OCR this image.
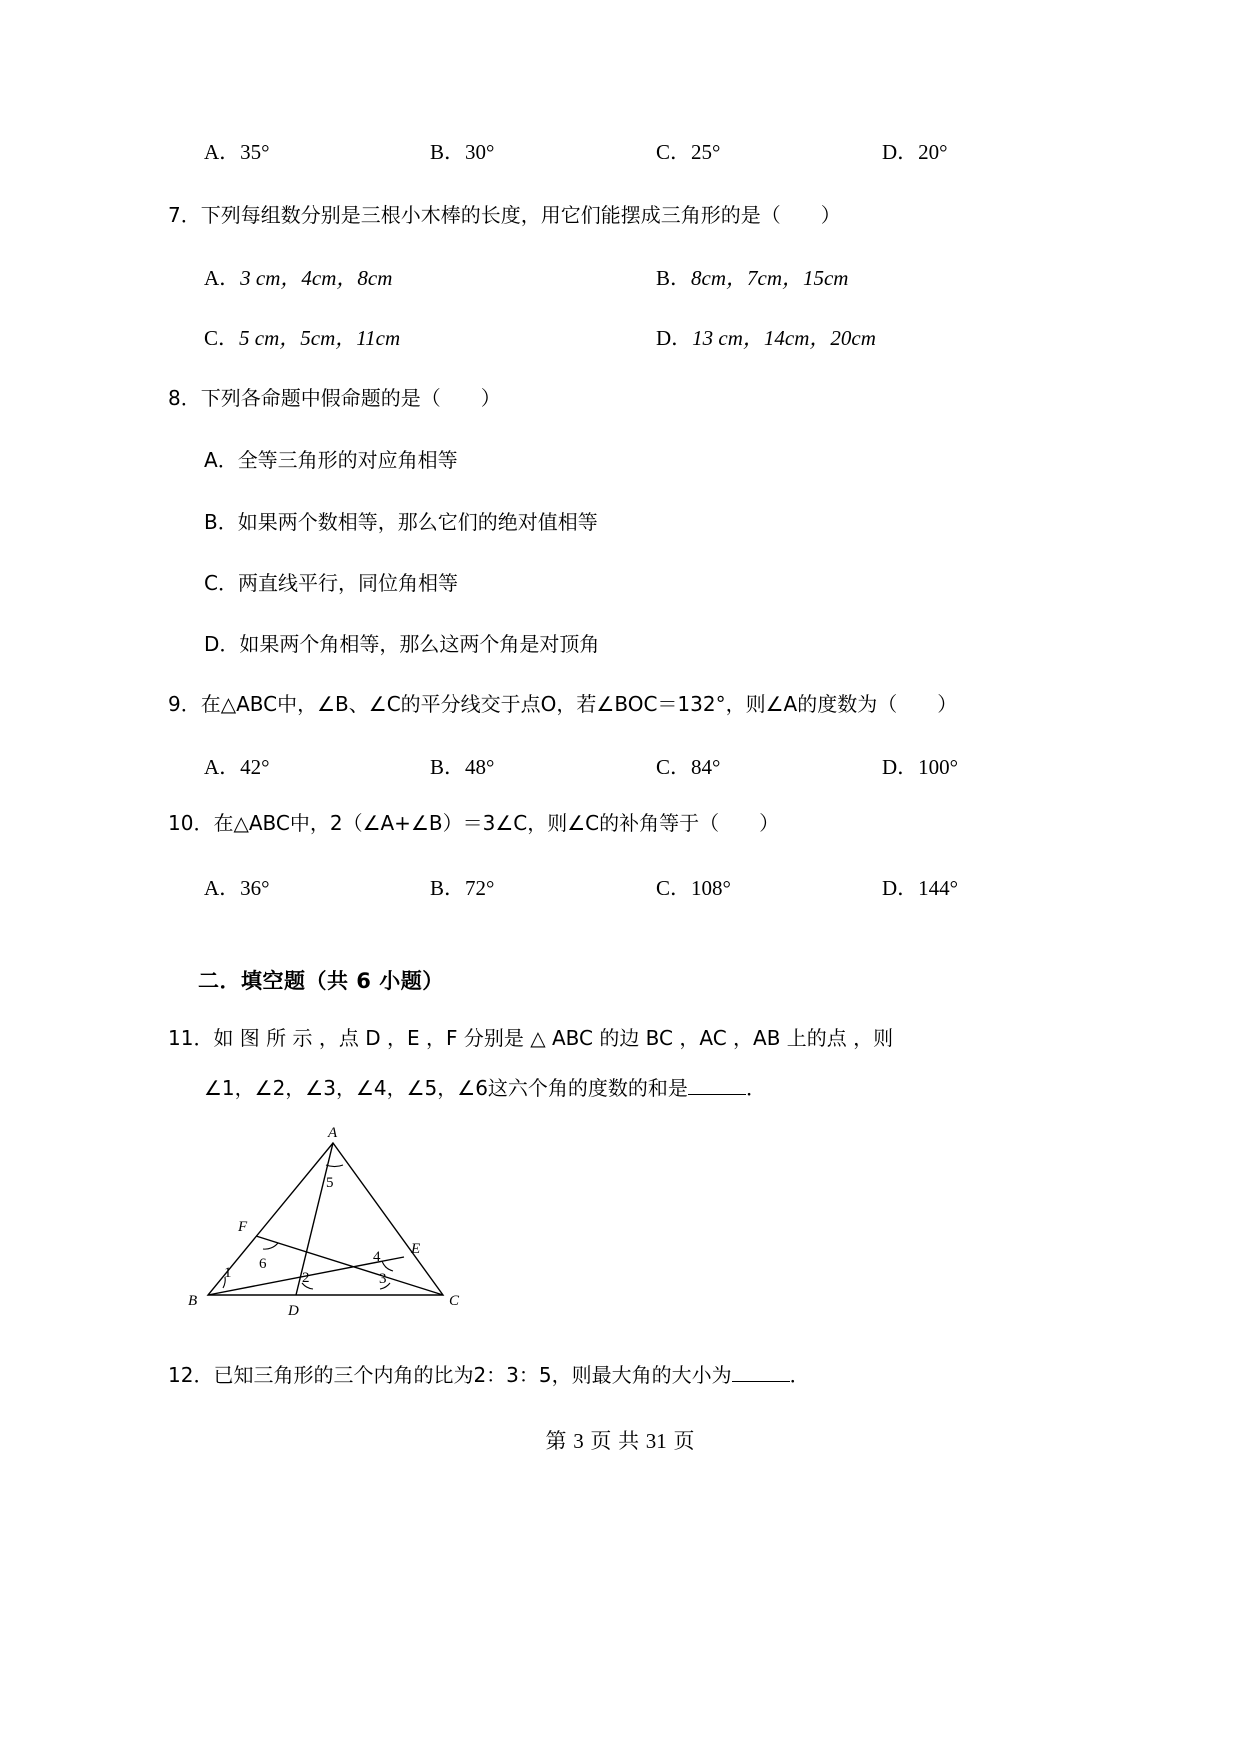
A．35°	B．30°	C．25°	D．20°
7．下列每组数分别是三根小木棒的长度，用它们能摆成三角形的是（　　）
A．3 cm，4cm，8cm	B．8cm，7cm，15cm
C．5 cm，5cm，11cm	D．13 cm，14cm，20cm
8．下列各命题中假命题的是（　　）
A．全等三角形的对应角相等
B．如果两个数相等，那么它们的绝对值相等
C．两直线平行，同位角相等
D．如果两个角相等，那么这两个角是对顶角
9．在△ABC中，∠B、∠C的平分线交于点O，若∠BOC＝132°，则∠A的度数为（　　）
A．42°	B．48°	C．84°	D．100°
10．在△ABC中，2（∠A+∠B）＝3∠C，则∠C的补角等于（　　）
A．36°	B．72°	C．108°	D．144°
二．填空题（共 6 小题）
11．如 图 所 示 ，点 D ，E ，F 分别是 △ ABC 的边 BC ，AC ，AB 上的点 ，则
∠1，∠2，∠3，∠4，∠5，∠6这六个角的度数的和是	．
A
B	C
D
E
F
5
6	4
1	2	3
12．已知三角形的三个内角的比为2：3：5，则最大角的大小为	．
第 3 页 共 31 页
